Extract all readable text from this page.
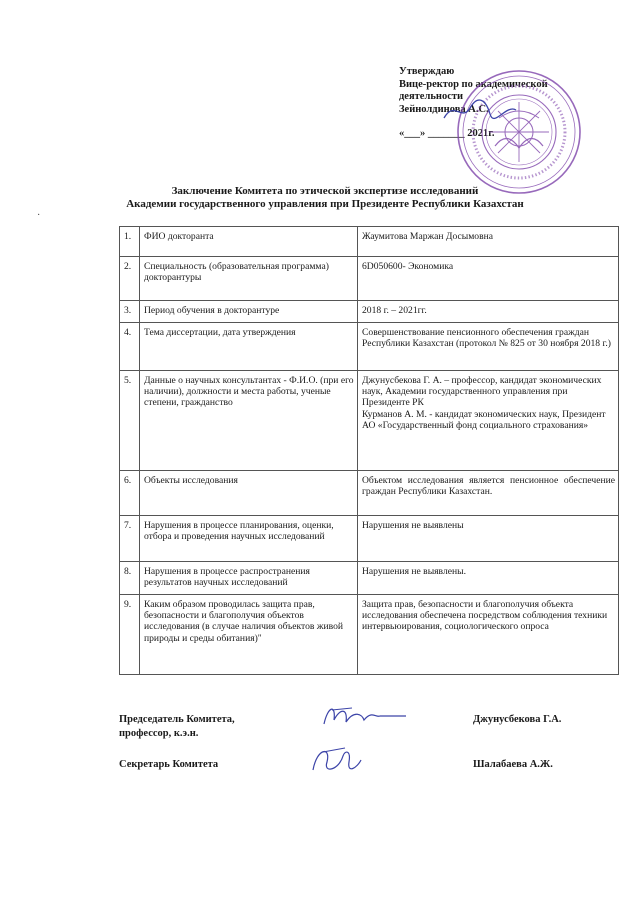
Утверждаю
Вице-ректор по академической
деятельности
Зейнолдинова А.С.
«___» _______ 2021г.
Заключение Комитета по этической экспертизе исследований
Академии государственного управления при Президенте Республики Казахстан
·
1.	ФИО докторанта	Жаумитова Маржан Досымовна
2.	Специальность (образовательная программа) докторантуры	6D050600- Экономика
3.	Период обучения в докторантуре	2018 г. – 2021гг.
4.	Тема диссертации, дата утверждения	Совершенствование пенсионного обеспечения граждан Республики Казахстан (протокол № 825 от 30 ноября 2018 г.)
5.	Данные о научных консультантах - Ф.И.О. (при его наличии), должности и места работы, ученые степени, гражданство	Джунусбекова Г. А. – профессор, кандидат экономических наук, Академии государственного управления при Президенте РК
Курманов А. М. - кандидат экономических наук, Президент АО «Государственный фонд социального страхования»
6.	Объекты исследования	Объектом исследования является пенсионное обеспечение граждан Республики Казахстан.
7.	Нарушения в процессе планирования, оценки, отбора и проведения научных исследований	Нарушения не выявлены
8.	Нарушения в процессе распространения результатов научных исследований	Нарушения не выявлены.
9.	Каким образом проводилась защита прав, безопасности и благополучия объектов исследования (в случае наличия объектов живой природы и среды обитания)"	Защита прав, безопасности и благополучия объекта исследования обеспечена посредством соблюдения техники интервьюирования, социологического опроса
Председатель Комитета,
профессор, к.э.н.
Джунусбекова Г.А.
Секретарь Комитета	Шалабаева А.Ж.
